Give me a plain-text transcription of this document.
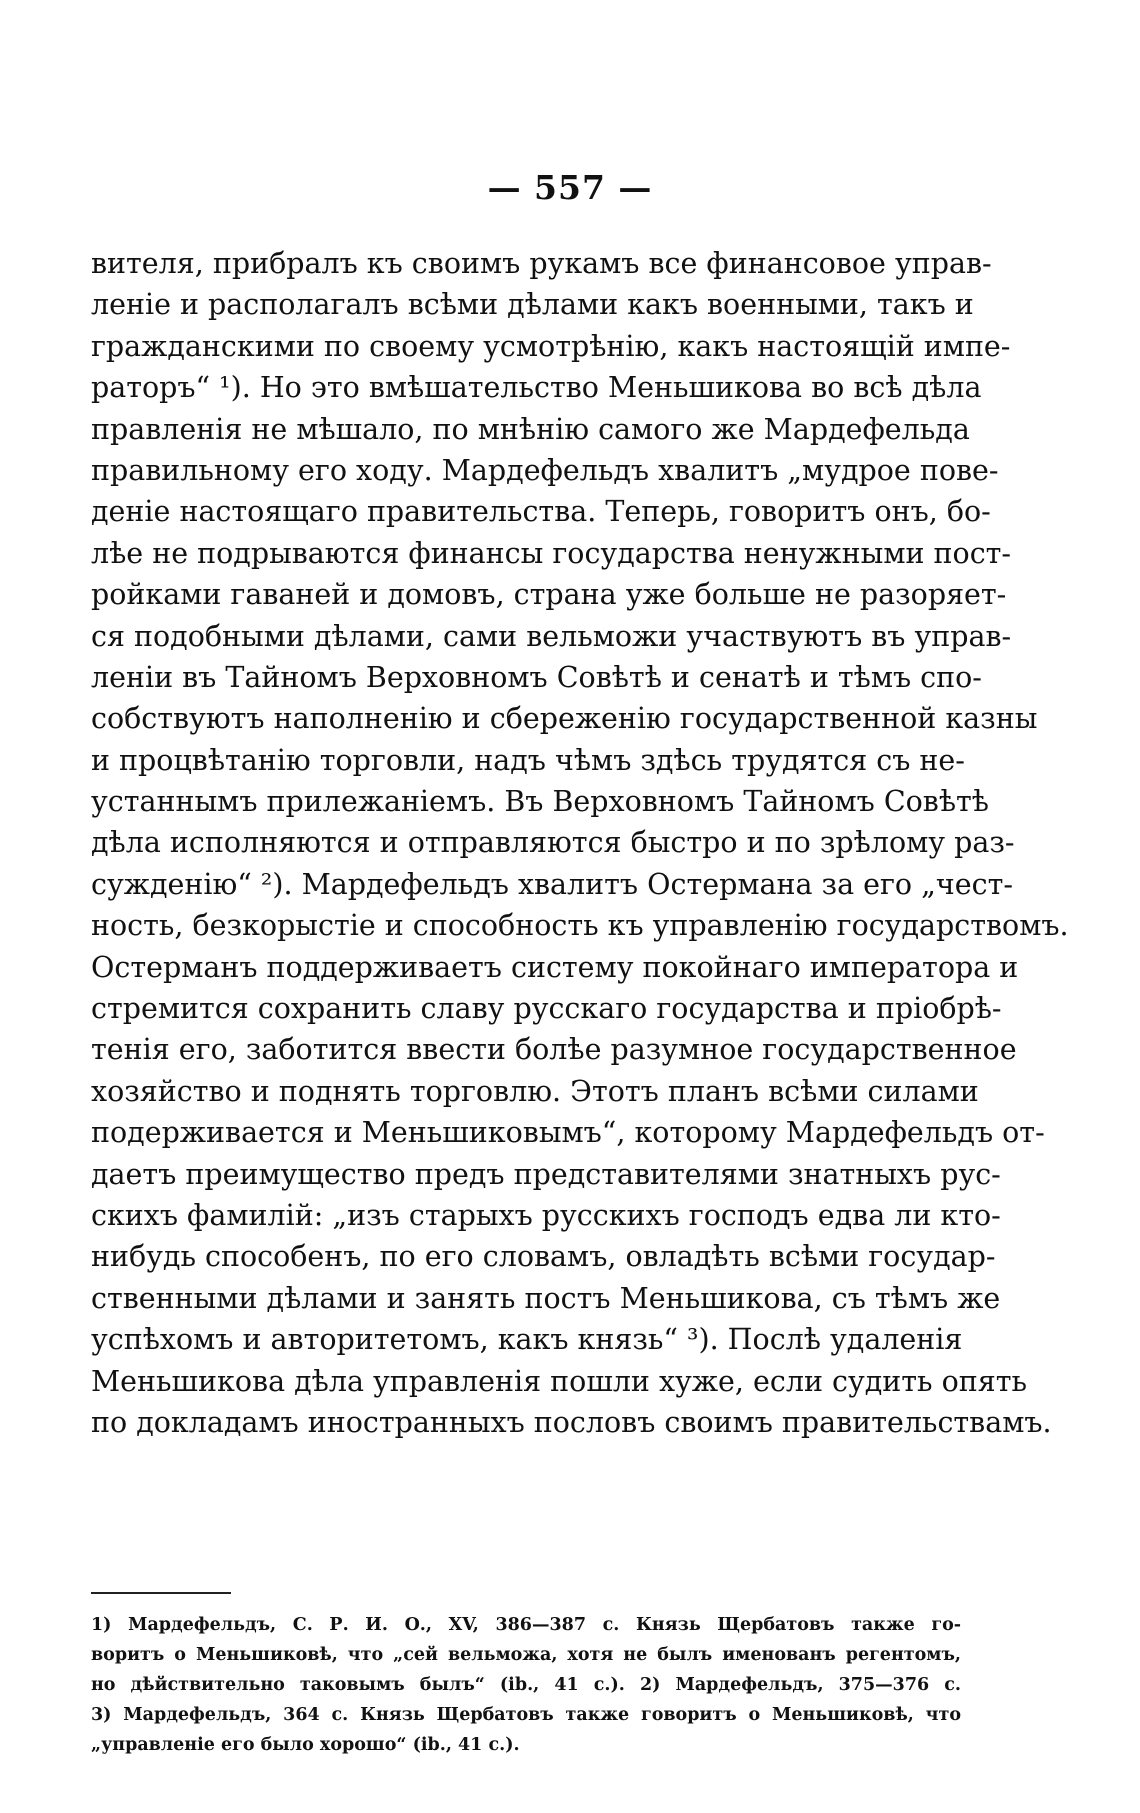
— 557 —
вителя, прибралъ къ своимъ рукамъ все финансовое управ-
леніе и располагалъ всѣми дѣлами какъ военными, такъ и
гражданскими по своему усмотрѣнію, какъ настоящій импе-
раторъ“ ¹). Но это вмѣшательство Меньшикова во всѣ дѣла
правленія не мѣшало, по мнѣнію самого же Мардефельда
правильному его ходу. Мардефельдъ хвалитъ „мудрое пове-
деніе настоящаго правительства. Теперь, говоритъ онъ, бо-
лѣе не подрываются финансы государства ненужными пост-
ройками гаваней и домовъ, страна уже больше не разоряет-
ся подобными дѣлами, сами вельможи участвуютъ въ управ-
леніи въ Тайномъ Верховномъ Совѣтѣ и сенатѣ и тѣмъ спо-
собствуютъ наполненію и сбереженію государственной казны
и процвѣтанію торговли, надъ чѣмъ здѣсь трудятся съ не-
устаннымъ прилежаніемъ. Въ Верховномъ Тайномъ Совѣтѣ
дѣла исполняются и отправляются быстро и по зрѣлому раз-
сужденію“ ²). Мардефельдъ хвалитъ Остермана за его „чест-
ность, безкорыстіе и способность къ управленію государствомъ.
Остерманъ поддерживаетъ систему покойнаго императора и
стремится сохранить славу русскаго государства и пріобрѣ-
тенія его, заботится ввести болѣе разумное государственное
хозяйство и поднять торговлю. Этотъ планъ всѣми силами
подерживается и Меньшиковымъ“, которому Мардефельдъ от-
даетъ преимущество предъ представителями знатныхъ рус-
скихъ фамилій: „изъ старыхъ русскихъ господъ едва ли кто-
нибудь способенъ, по его словамъ, овладѣть всѣми государ-
ственными дѣлами и занять постъ Меньшикова, съ тѣмъ же
успѣхомъ и авторитетомъ, какъ князь“ ³). Послѣ удаленія
Меньшикова дѣла управленія пошли хуже, если судить опять
по докладамъ иностранныхъ пословъ своимъ правительствамъ.
1) Мардефельдъ, С. Р. И. О., XV, 386—387 с. Князь Щербатовъ также го-
воритъ о Меньшиковѣ, что „сей вельможа, хотя не былъ именованъ регентомъ,
но дѣйствительно таковымъ былъ“ (ib., 41 с.). 2) Мардефельдъ, 375—376 с.
3) Мардефельдъ, 364 с. Князь Щербатовъ также говоритъ о Меньшиковѣ, что
„управленіе его было хорошо“ (ib., 41 с.).
